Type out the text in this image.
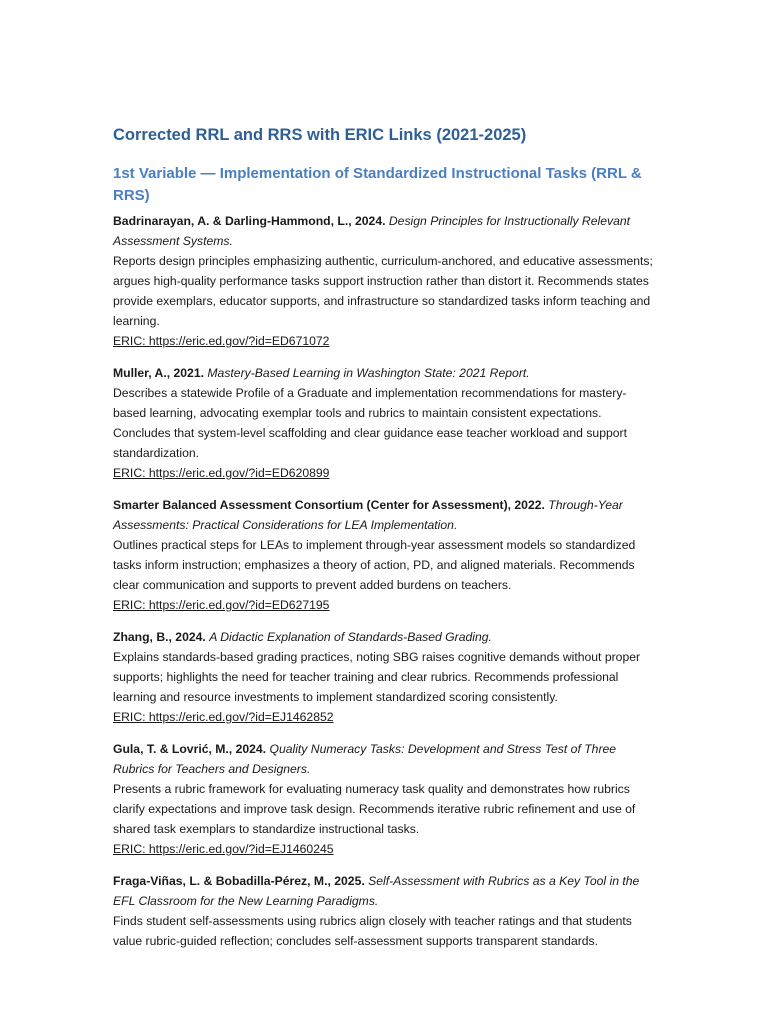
Corrected RRL and RRS with ERIC Links (2021-2025)
1st Variable — Implementation of Standardized Instructional Tasks (RRL & RRS)
Badrinarayan, A. & Darling-Hammond, L., 2024. Design Principles for Instructionally Relevant Assessment Systems.
Reports design principles emphasizing authentic, curriculum-anchored, and educative assessments; argues high-quality performance tasks support instruction rather than distort it. Recommends states provide exemplars, educator supports, and infrastructure so standardized tasks inform teaching and learning.
ERIC: https://eric.ed.gov/?id=ED671072
Muller, A., 2021. Mastery-Based Learning in Washington State: 2021 Report.
Describes a statewide Profile of a Graduate and implementation recommendations for mastery-based learning, advocating exemplar tools and rubrics to maintain consistent expectations. Concludes that system-level scaffolding and clear guidance ease teacher workload and support standardization.
ERIC: https://eric.ed.gov/?id=ED620899
Smarter Balanced Assessment Consortium (Center for Assessment), 2022. Through-Year Assessments: Practical Considerations for LEA Implementation.
Outlines practical steps for LEAs to implement through-year assessment models so standardized tasks inform instruction; emphasizes a theory of action, PD, and aligned materials. Recommends clear communication and supports to prevent added burdens on teachers.
ERIC: https://eric.ed.gov/?id=ED627195
Zhang, B., 2024. A Didactic Explanation of Standards-Based Grading.
Explains standards-based grading practices, noting SBG raises cognitive demands without proper supports; highlights the need for teacher training and clear rubrics. Recommends professional learning and resource investments to implement standardized scoring consistently.
ERIC: https://eric.ed.gov/?id=EJ1462852
Gula, T. & Lovrić, M., 2024. Quality Numeracy Tasks: Development and Stress Test of Three Rubrics for Teachers and Designers.
Presents a rubric framework for evaluating numeracy task quality and demonstrates how rubrics clarify expectations and improve task design. Recommends iterative rubric refinement and use of shared task exemplars to standardize instructional tasks.
ERIC: https://eric.ed.gov/?id=EJ1460245
Fraga-Viñas, L. & Bobadilla-Pérez, M., 2025. Self-Assessment with Rubrics as a Key Tool in the EFL Classroom for the New Learning Paradigms.
Finds student self-assessments using rubrics align closely with teacher ratings and that students value rubric-guided reflection; concludes self-assessment supports transparent standards.
